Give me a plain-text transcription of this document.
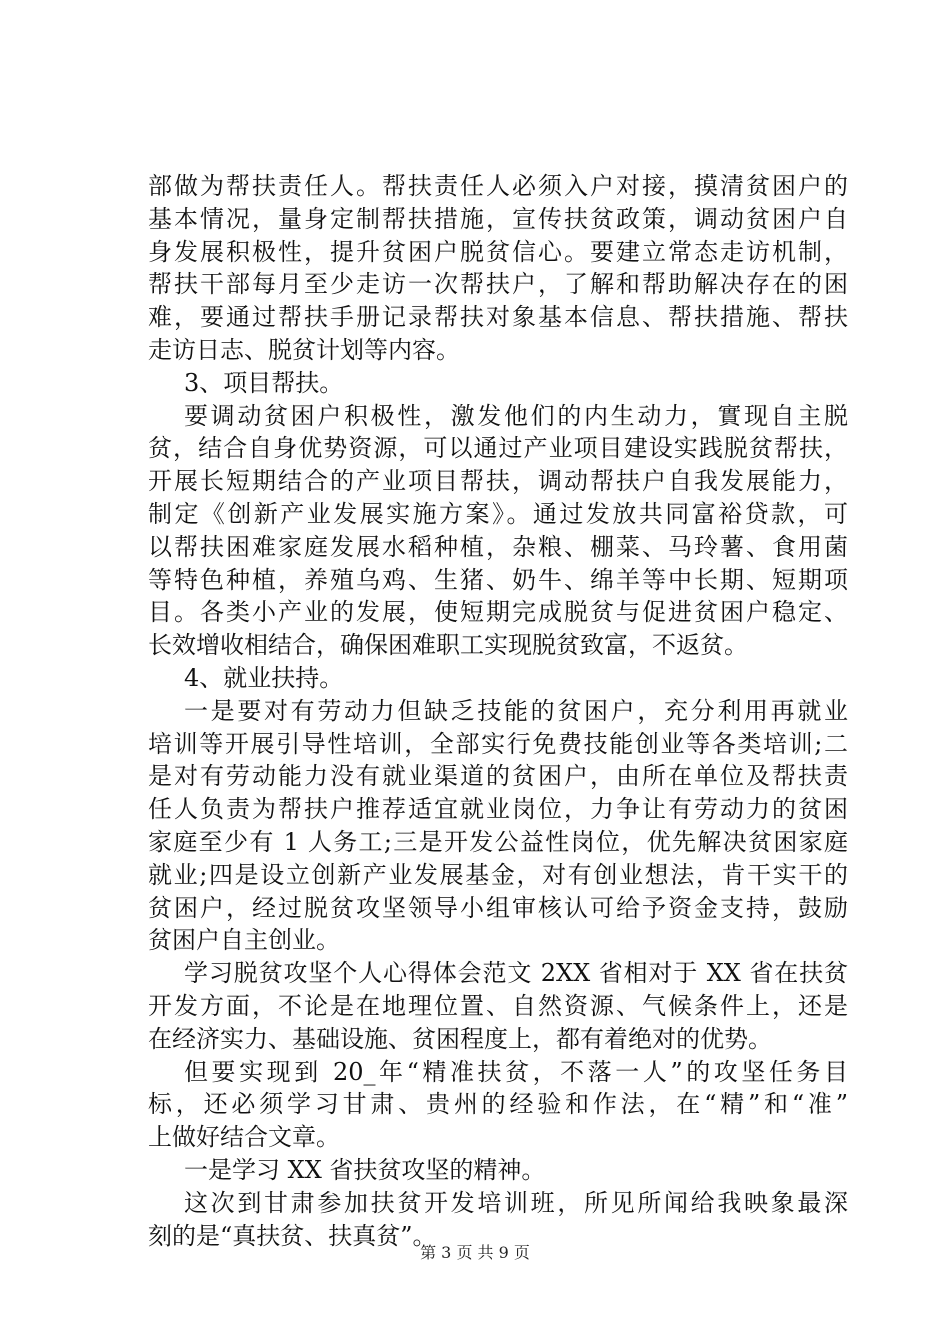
部做为帮扶责任人。帮扶责任人必须入户对接，摸清贫困户的
基本情况，量身定制帮扶措施，宣传扶贫政策，调动贫困户自
身发展积极性，提升贫困户脱贫信心。要建立常态走访机制，
帮扶干部每月至少走访一次帮扶户，了解和帮助解决存在的困
难，要通过帮扶手册记录帮扶对象基本信息、帮扶措施、帮扶
走访日志、脱贫计划等内容。
3、项目帮扶。
要调动贫困户积极性，激发他们的内生动力，實现自主脱
贫，结合自身优势资源，可以通过产业项目建设实践脱贫帮扶，
开展长短期结合的产业项目帮扶，调动帮扶户自我发展能力，
制定《创新产业发展实施方案》。通过发放共同富裕贷款，可
以帮扶困难家庭发展水稻种植，杂粮、棚菜、马玲薯、食用菌
等特色种植，养殖乌鸡、生猪、奶牛、绵羊等中长期、短期项
目。各类小产业的发展，使短期完成脱贫与促进贫困户稳定、
长效增收相结合，确保困难职工实现脱贫致富，不返贫。
4、就业扶持。
一是要对有劳动力但缺乏技能的贫困户，充分利用再就业
培训等开展引导性培训，全部实行免费技能创业等各类培训;二
是对有劳动能力没有就业渠道的贫困户，由所在单位及帮扶责
任人负责为帮扶户推荐适宜就业岗位，力争让有劳动力的贫困
家庭至少有 1 人务工;三是开发公益性岗位，优先解决贫困家庭
就业;四是设立创新产业发展基金，对有创业想法，肯干实干的
贫困户，经过脱贫攻坚领导小组审核认可给予资金支持，鼓励
贫困户自主创业。
学习脱贫攻坚个人心得体会范文 2XX 省相对于 XX 省在扶贫
开发方面，不论是在地理位置、自然资源、气候条件上，还是
在经济实力、基础设施、贫困程度上，都有着绝对的优势。
但要实现到 20_年“精准扶贫，不落一人”的攻坚任务目
标，还必须学习甘肃、贵州的经验和作法，在“精”和“准”
上做好结合文章。
一是学习 XX 省扶贫攻坚的精神。
这次到甘肃参加扶贫开发培训班，所见所闻给我映象最深
刻的是“真扶贫、扶真贫”。
第 3 页 共 9 页
